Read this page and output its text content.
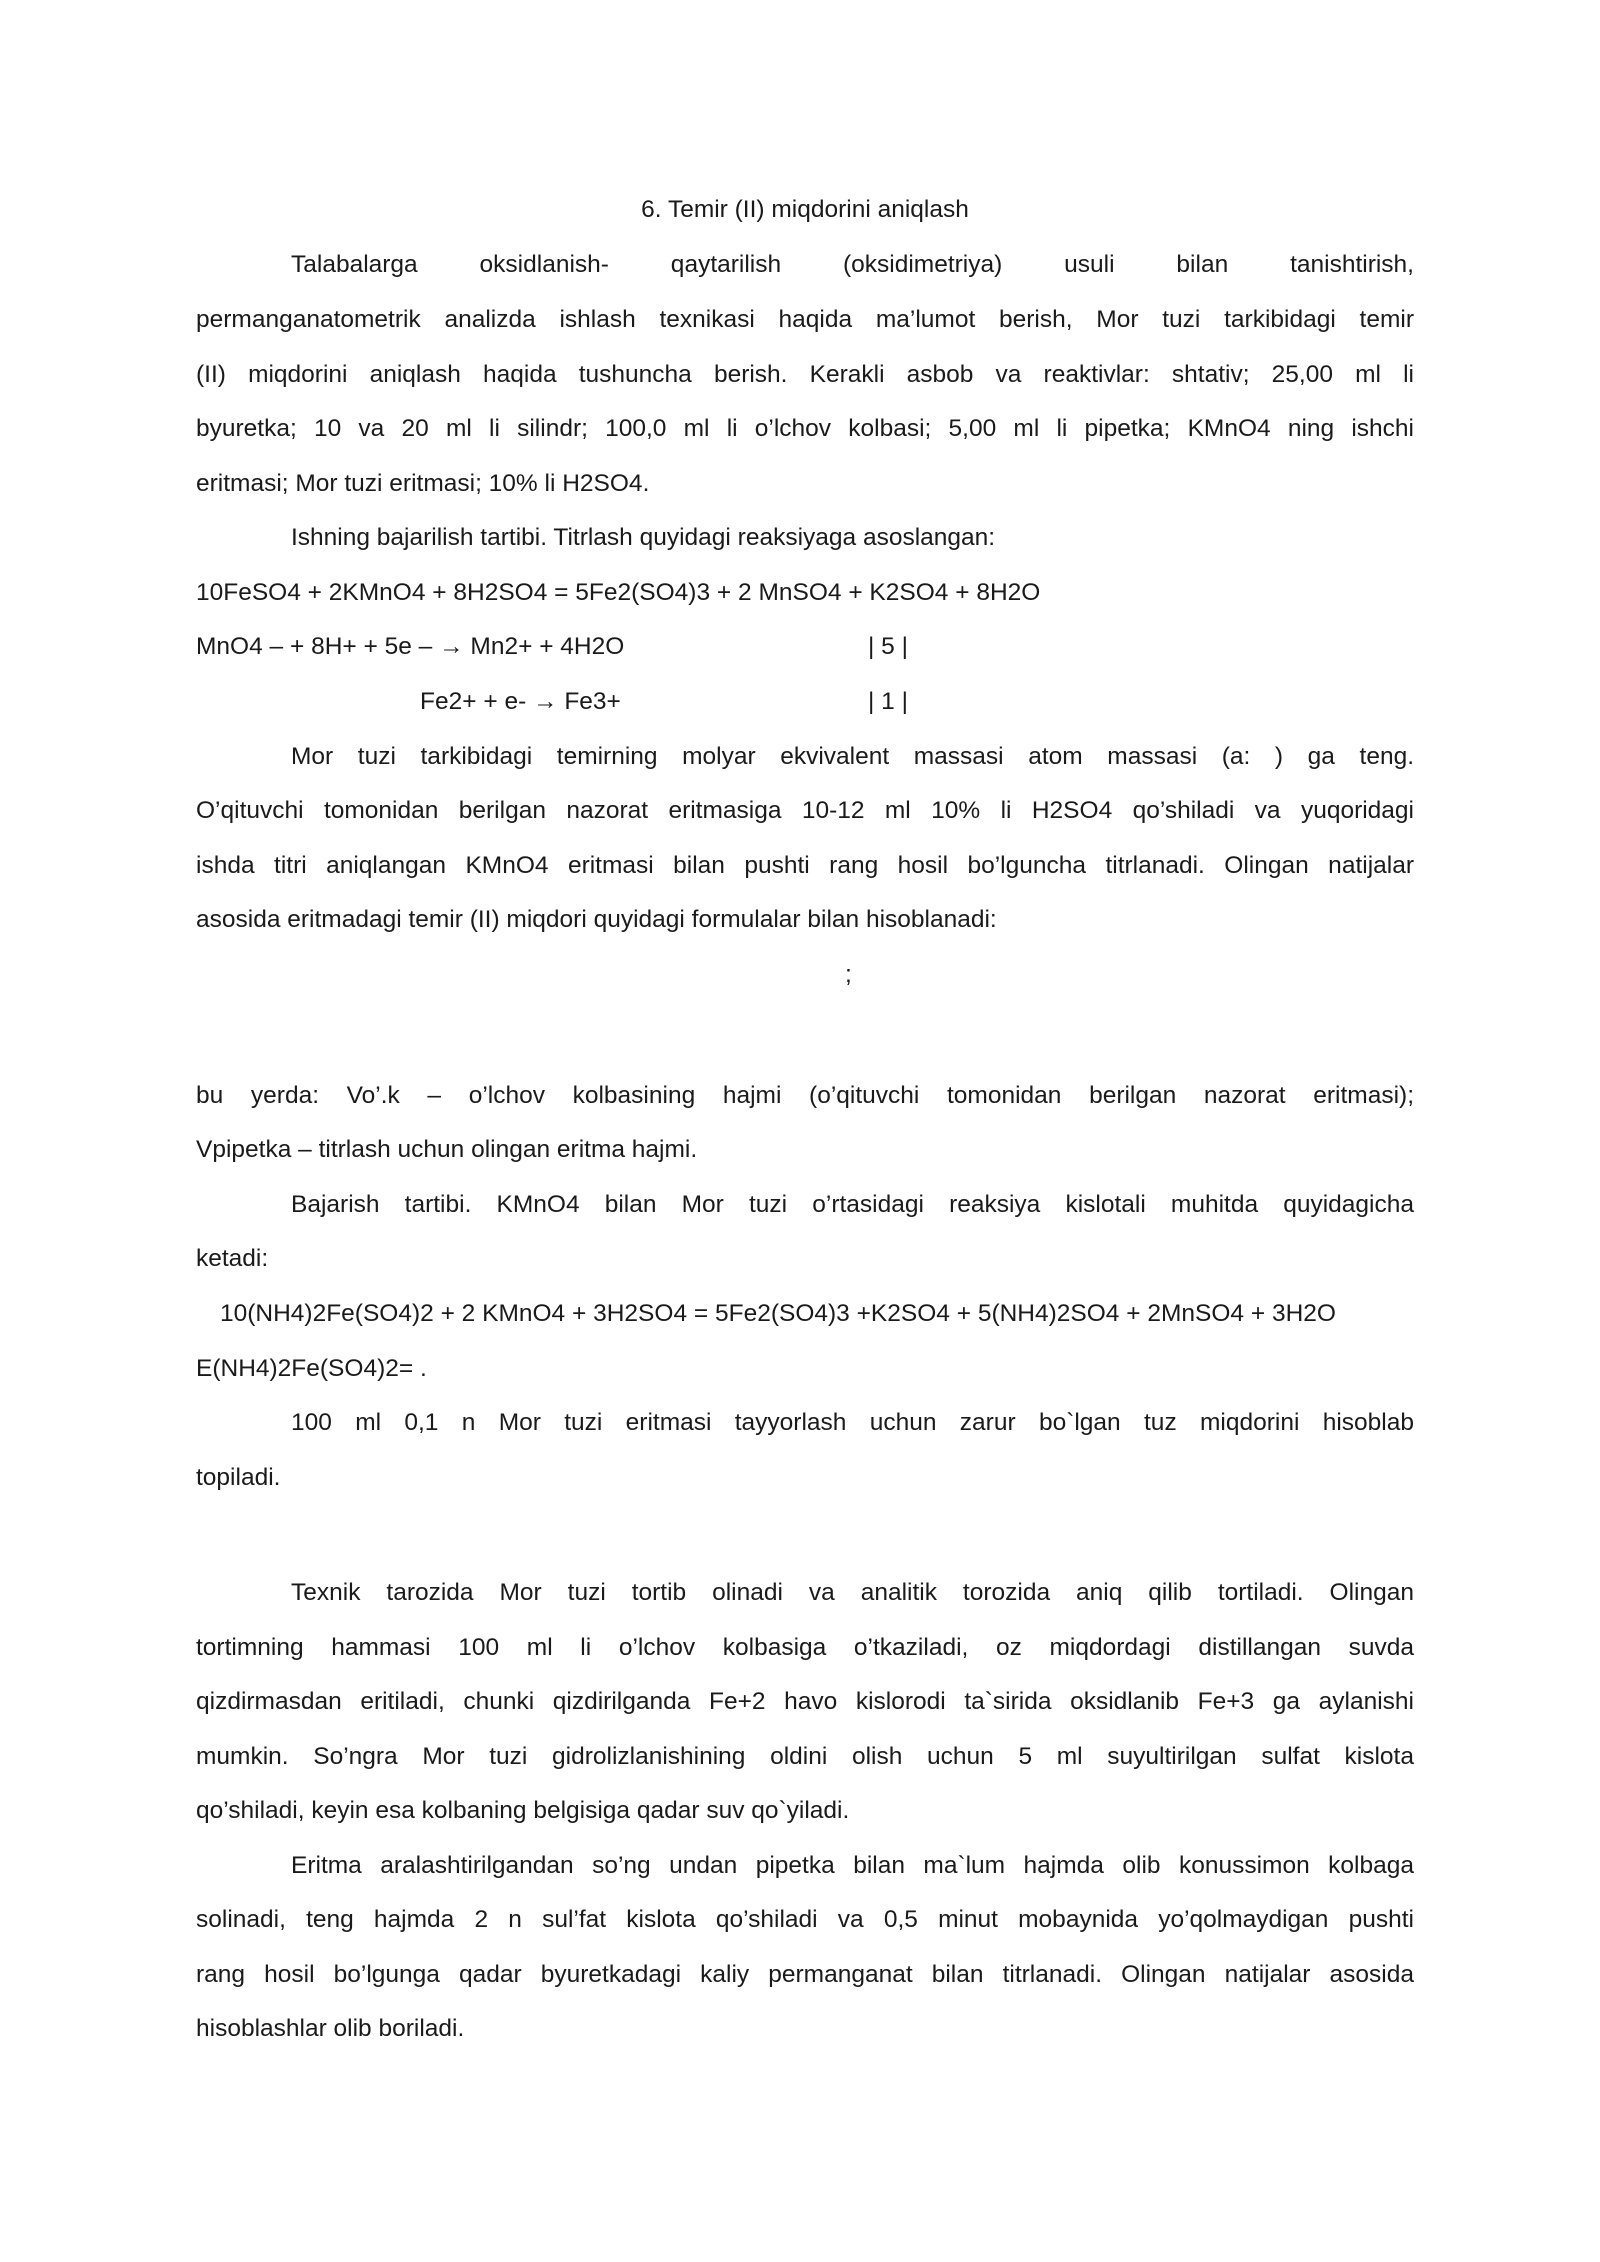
6. Temir (II) miqdorini aniqlash
Talabalarga oksidlanish- qaytarilish (oksidimetriya) usuli bilan tanishtirish,
permanganatometrik analizda ishlash texnikasi haqida ma’lumot berish, Mor tuzi tarkibidagi temir
(II) miqdorini aniqlash haqida tushuncha berish. Kerakli asbob va reaktivlar: shtativ; 25,00 ml li
byuretka; 10 va 20 ml li silindr; 100,0 ml li o’lchov kolbasi; 5,00 ml li pipetka; KMnO4 ning ishchi
eritmasi; Mor tuzi eritmasi; 10% li H2SO4.
Ishning bajarilish tartibi. Titrlash quyidagi reaksiyaga asoslangan:
10FeSO4 + 2KMnO4 + 8H2SO4 = 5Fe2(SO4)3 + 2 MnSO4 + K2SO4 + 8H2O
MnO4 – + 8H+ + 5e – → Mn2+ + 4H2O	| 5 |
Fe2+ + e- → Fe3+	| 1 |
Mor tuzi tarkibidagi temirning molyar ekvivalent massasi atom massasi (a: ) ga teng.
O’qituvchi tomonidan berilgan nazorat eritmasiga 10-12 ml 10% li H2SO4 qo’shiladi va yuqoridagi
ishda titri aniqlangan KMnO4 eritmasi bilan pushti rang hosil bo’lguncha titrlanadi. Olingan natijalar
asosida eritmadagi temir (II) miqdori quyidagi formulalar bilan hisoblanadi:
;
bu yerda: Vo’.k – o’lchov kolbasining hajmi (o’qituvchi tomonidan berilgan nazorat eritmasi);
Vpipetka – titrlash uchun olingan eritma hajmi.
Bajarish tartibi. KMnO4 bilan Mor tuzi o’rtasidagi reaksiya kislotali muhitda quyidagicha
ketadi:
10(NH4)2Fe(SO4)2 + 2 KMnO4 + 3H2SO4 = 5Fe2(SO4)3 +K2SO4 + 5(NH4)2SO4 + 2MnSO4 + 3H2O
E(NH4)2Fe(SO4)2= .
100 ml 0,1 n Mor tuzi eritmasi tayyorlash uchun zarur bo`lgan tuz miqdorini hisoblab
topiladi.
Texnik tarozida Mor tuzi tortib olinadi va analitik torozida aniq qilib tortiladi. Olingan
tortimning hammasi 100 ml li o’lchov kolbasiga o’tkaziladi, oz miqdordagi distillangan suvda
qizdirmasdan eritiladi, chunki qizdirilganda Fe+2 havo kislorodi ta`sirida oksidlanib Fe+3 ga aylanishi
mumkin. So’ngra Mor tuzi gidrolizlanishining oldini olish uchun 5 ml suyultirilgan sulfat kislota
qo’shiladi, keyin esa kolbaning belgisiga qadar suv qo`yiladi.
Eritma aralashtirilgandan so’ng undan pipetka bilan ma`lum hajmda olib konussimon kolbaga
solinadi, teng hajmda 2 n sul’fat kislota qo’shiladi va 0,5 minut mobaynida yo’qolmaydigan pushti
rang hosil bo’lgunga qadar byuretkadagi kaliy permanganat bilan titrlanadi. Olingan natijalar asosida
hisoblashlar olib boriladi.
